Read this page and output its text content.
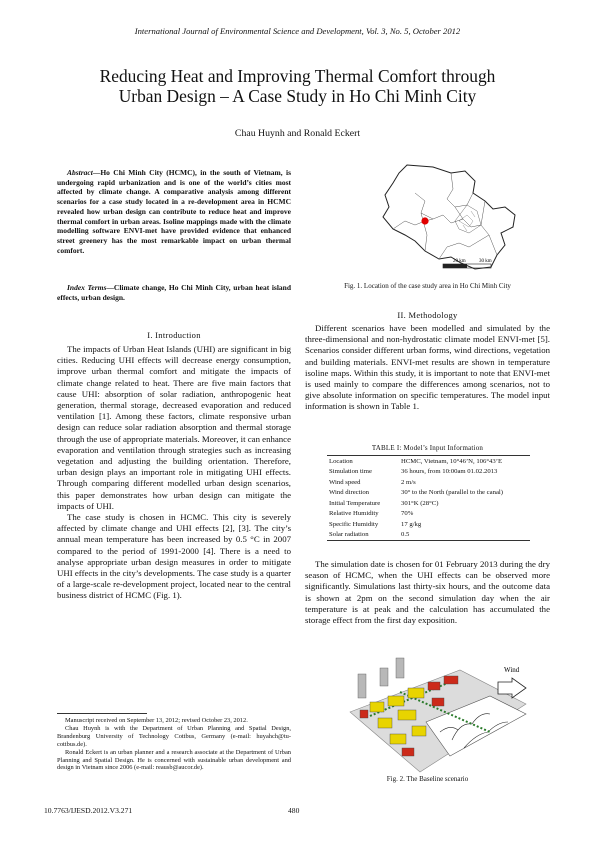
International Journal of Environmental Science and Development, Vol. 3, No. 5, October 2012
Reducing Heat and Improving Thermal Comfort through
Urban Design – A Case Study in Ho Chi Minh City
Chau Huynh and Ronald Eckert
Abstract—Ho Chi Minh City (HCMC), in the south of Vietnam, is undergoing rapid urbanization and is one of the world’s cities most affected by climate change. A comparative analysis among different scenarios for a case study located in a re-development area in HCMC revealed how urban design can contribute to reduce heat and improve thermal comfort in urban areas. Isoline mappings made with the climate modelling software ENVI-met have provided evidence that enhanced street greenery has the most remarkable impact on urban thermal comfort.
Index Terms—Climate change, Ho Chi Minh City, urban heat island effects, urban design.
I. Introduction

The impacts of Urban Heat Islands (UHI) are significant in big cities. Reducing UHI effects will decrease energy consumption, improve urban thermal comfort and mitigate the impacts of climate change related to heat. There are five main factors that cause UHI: absorption of solar radiation, anthropogenic heat generation, thermal storage, decreased evaporation and reduced ventilation [1]. Among these factors, climate responsive urban design can reduce solar radiation absorption and thermal storage through the use of appropriate materials. Moreover, it can enhance evaporation and ventilation through strategies such as increasing vegetation and adjusting the building orientation. Therefore, urban design plays an important role in mitigating UHI effects. Through comparing different modelled urban design scenarios, this paper demonstrates how urban design can mitigate the impacts of UHI.

The case study is chosen in HCMC. This city is severely affected by climate change and UHI effects [2], [3]. The city’s annual mean temperature has been increased by 0.5 °C in 2007 compared to the period of 1991-2000 [4]. There is a need to analyse appropriate urban design measures in order to mitigate UHI effects in the city’s developments. The case study is a quarter of a large-scale re-development project, located near to the central business district of HCMC (Fig. 1).

Manuscript received on September 13, 2012; revised October 23, 2012.

Chau Huynh is with the Department of Urban Planning and Spatial Design, Brandenburg University of Technology Cottbus, Germany (e-mail: huyahch@tu-cottbus.de).

Ronald Eckert is an urban planner and a research associate at the Department of Urban Planning and Spatial Design. He is concerned with sustainable urban development and design in Vietnam since 2006 (e-mail: reausb@aucor.de).

20 km	30 km
Fig. 1. Location of the case study area in Ho Chi Minh City
II. Methodology

Different scenarios have been modelled and simulated by the three-dimensional and non-hydrostatic climate model ENVI-met [5]. Scenarios consider different urban forms, wind directions, vegetation and building materials. ENVI-met results are shown in temperature isoline maps. Within this study, it is important to note that ENVI-met is used mainly to compare the differences among scenarios, not to give absolute information on specific temperatures. The model input information is shown in Table 1.

TABLE I: Model’s Input Information
Location	HCMC, Vietnam, 10°46’N, 106°43’E
Simulation time	36 hours, from 10:00am 01.02.2013
Wind speed	2 m/s
Wind direction	30° to the North (parallel to the canal)
Initial Temperature	301°K (28°C)
Relative Humidity	70%
Specific Humidity	17 g/kg
Solar radiation	0.5

The simulation date is chosen for 01 February 2013 during the dry season of HCMC, when the UHI effects can be observed more significantly. Simulations last thirty-six hours, and the outcome data is shown at 2pm on the second simulation day when the air temperature is at peak and the calculation has accumulated the storage effect from the first day exposition.

Wind
Fig. 2. The Baseline scenario
10.7763/IJESD.2012.V3.271	480
